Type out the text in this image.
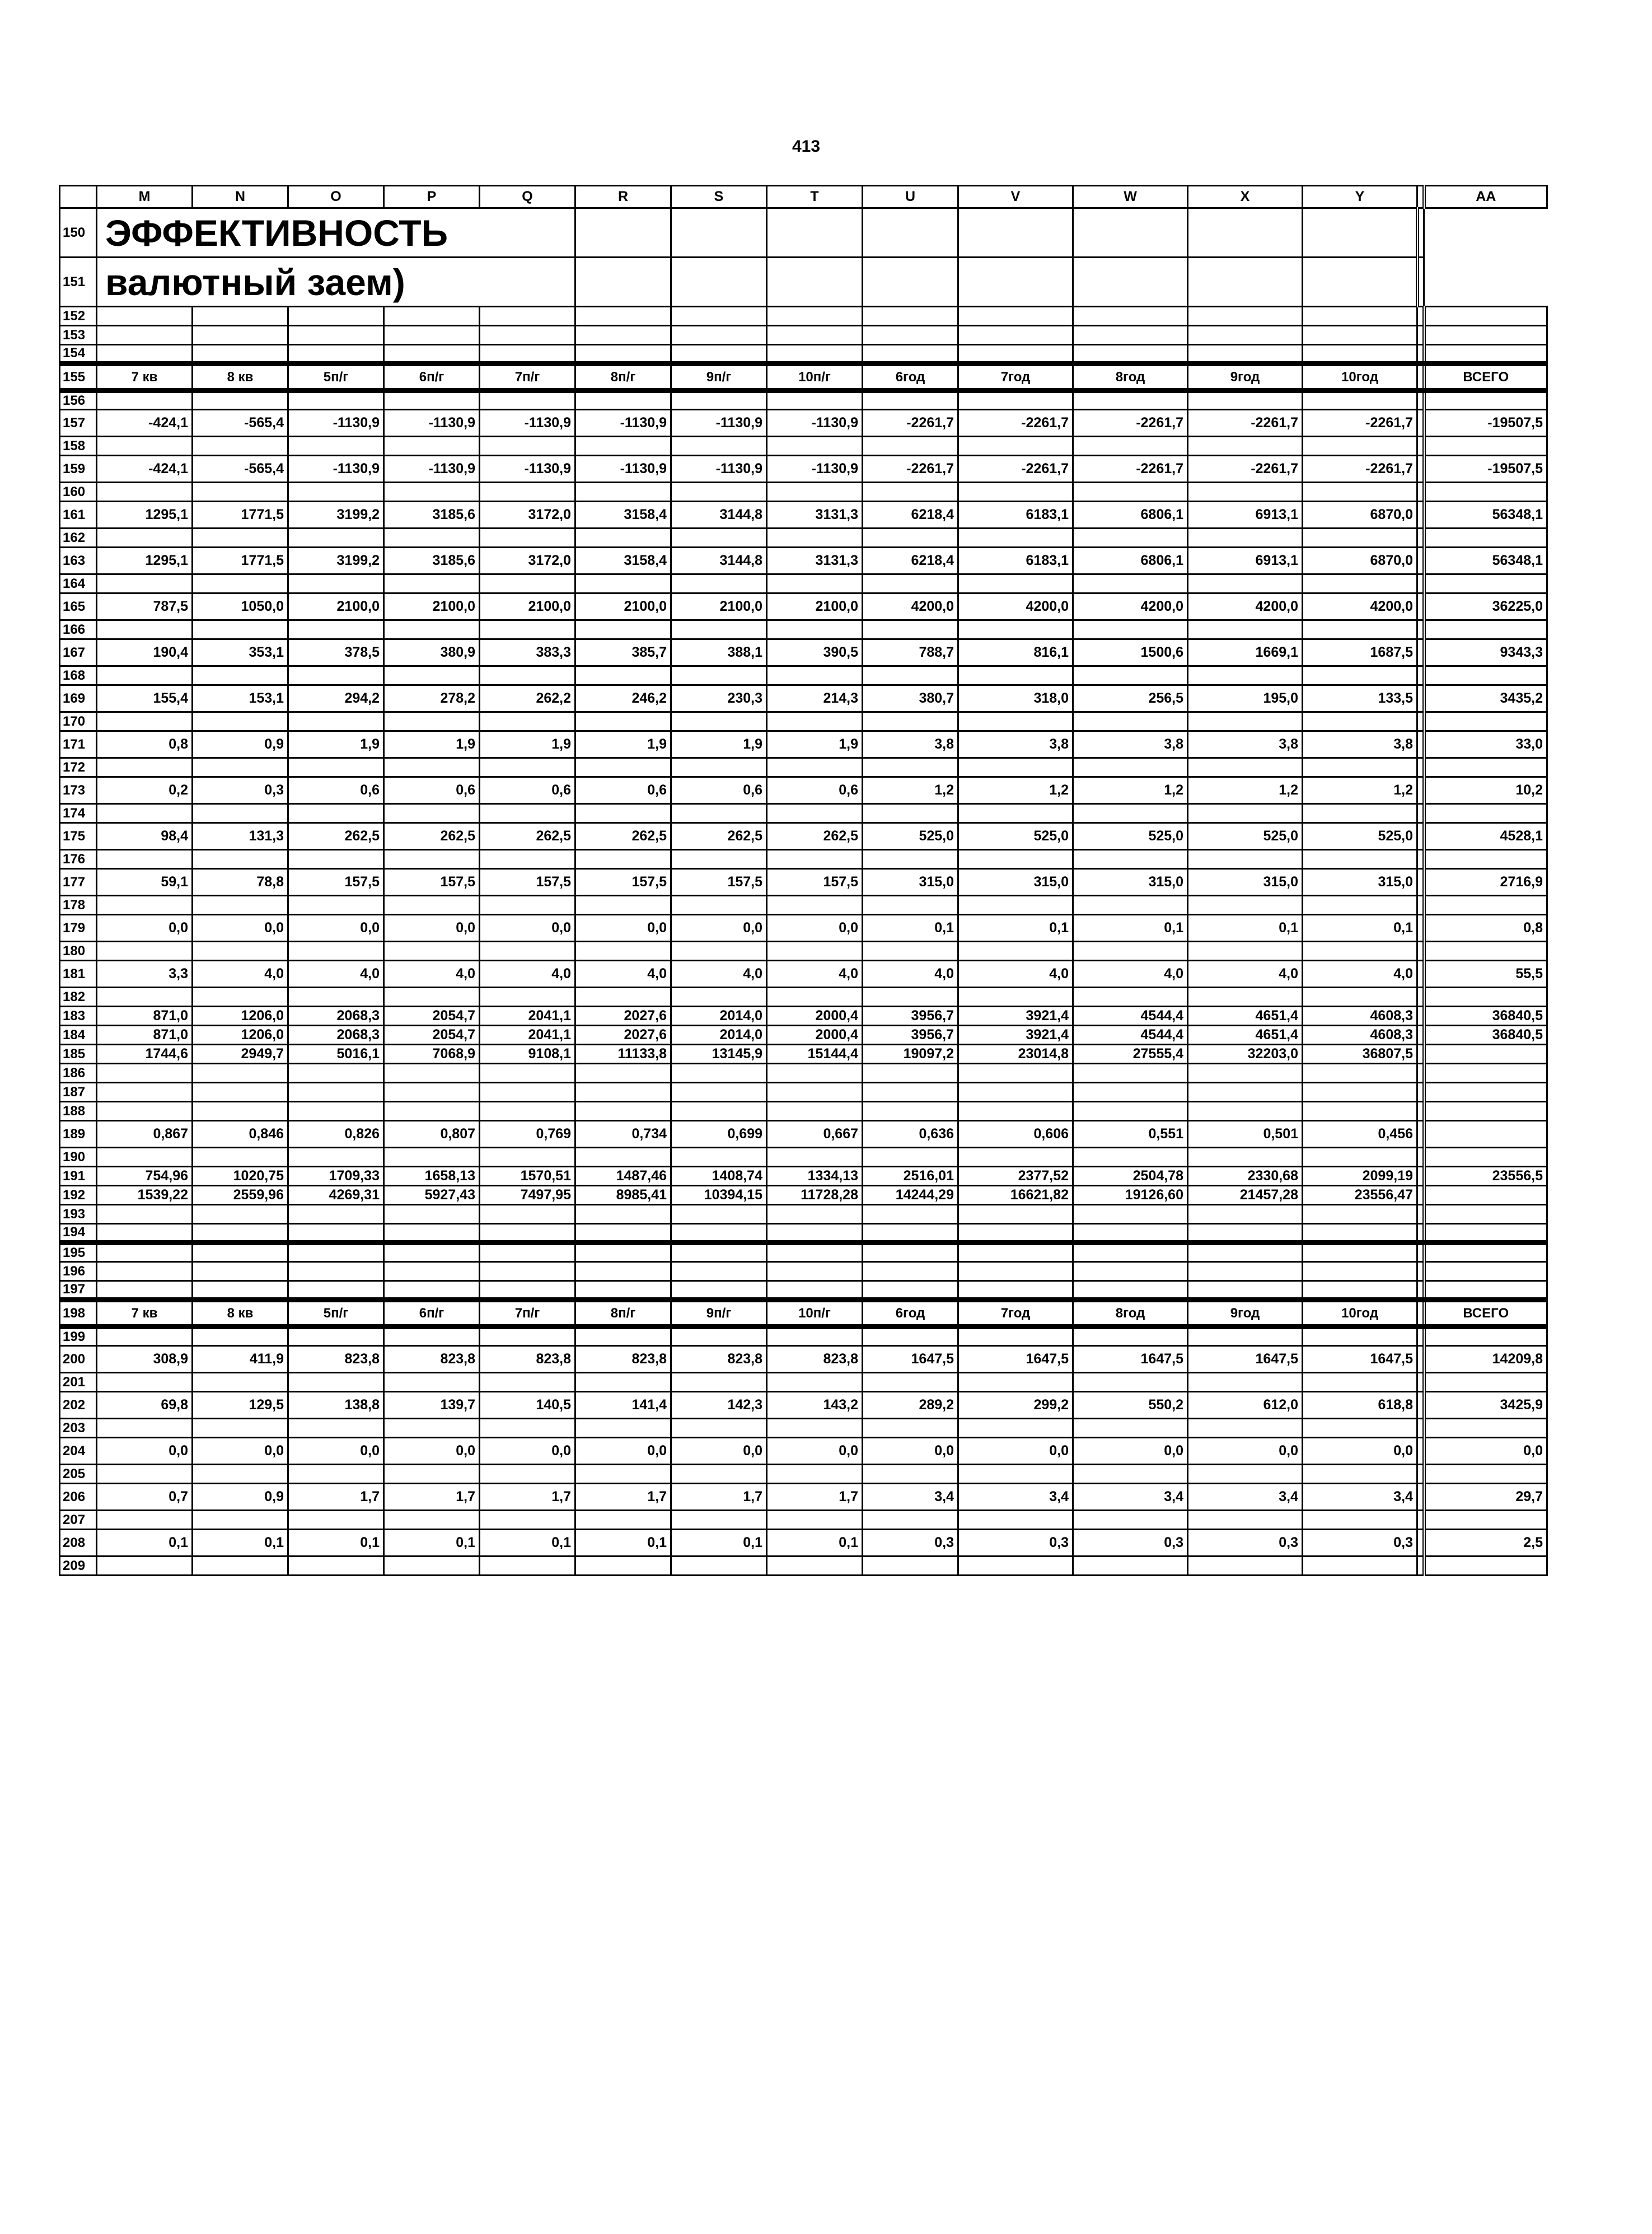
413
	M	N	O	P	Q	R	S	T	U	V	W	X	Y		AA
150	ЭФФЕКТИВНОСТЬ														
151	валютный заем)														
152															
153															
154															
155	7 кв	8 кв	5п/г	6п/г	7п/г	8п/г	9п/г	10п/г	6год	7год	8год	9год	10год		ВСЕГО
156															
157	-424,1	-565,4	-1130,9	-1130,9	-1130,9	-1130,9	-1130,9	-1130,9	-2261,7	-2261,7	-2261,7	-2261,7	-2261,7		-19507,5
158															
159	-424,1	-565,4	-1130,9	-1130,9	-1130,9	-1130,9	-1130,9	-1130,9	-2261,7	-2261,7	-2261,7	-2261,7	-2261,7		-19507,5
160															
161	1295,1	1771,5	3199,2	3185,6	3172,0	3158,4	3144,8	3131,3	6218,4	6183,1	6806,1	6913,1	6870,0		56348,1
162															
163	1295,1	1771,5	3199,2	3185,6	3172,0	3158,4	3144,8	3131,3	6218,4	6183,1	6806,1	6913,1	6870,0		56348,1
164															
165	787,5	1050,0	2100,0	2100,0	2100,0	2100,0	2100,0	2100,0	4200,0	4200,0	4200,0	4200,0	4200,0		36225,0
166															
167	190,4	353,1	378,5	380,9	383,3	385,7	388,1	390,5	788,7	816,1	1500,6	1669,1	1687,5		9343,3
168															
169	155,4	153,1	294,2	278,2	262,2	246,2	230,3	214,3	380,7	318,0	256,5	195,0	133,5		3435,2
170															
171	0,8	0,9	1,9	1,9	1,9	1,9	1,9	1,9	3,8	3,8	3,8	3,8	3,8		33,0
172															
173	0,2	0,3	0,6	0,6	0,6	0,6	0,6	0,6	1,2	1,2	1,2	1,2	1,2		10,2
174															
175	98,4	131,3	262,5	262,5	262,5	262,5	262,5	262,5	525,0	525,0	525,0	525,0	525,0		4528,1
176															
177	59,1	78,8	157,5	157,5	157,5	157,5	157,5	157,5	315,0	315,0	315,0	315,0	315,0		2716,9
178															
179	0,0	0,0	0,0	0,0	0,0	0,0	0,0	0,0	0,1	0,1	0,1	0,1	0,1		0,8
180															
181	3,3	4,0	4,0	4,0	4,0	4,0	4,0	4,0	4,0	4,0	4,0	4,0	4,0		55,5
182															
183	871,0	1206,0	2068,3	2054,7	2041,1	2027,6	2014,0	2000,4	3956,7	3921,4	4544,4	4651,4	4608,3		36840,5
184	871,0	1206,0	2068,3	2054,7	2041,1	2027,6	2014,0	2000,4	3956,7	3921,4	4544,4	4651,4	4608,3		36840,5
185	1744,6	2949,7	5016,1	7068,9	9108,1	11133,8	13145,9	15144,4	19097,2	23014,8	27555,4	32203,0	36807,5		
186															
187															
188															
189	0,867	0,846	0,826	0,807	0,769	0,734	0,699	0,667	0,636	0,606	0,551	0,501	0,456		
190															
191	754,96	1020,75	1709,33	1658,13	1570,51	1487,46	1408,74	1334,13	2516,01	2377,52	2504,78	2330,68	2099,19		23556,5
192	1539,22	2559,96	4269,31	5927,43	7497,95	8985,41	10394,15	11728,28	14244,29	16621,82	19126,60	21457,28	23556,47		
193															
194															
195															
196															
197															
198	7 кв	8 кв	5п/г	6п/г	7п/г	8п/г	9п/г	10п/г	6год	7год	8год	9год	10год		ВСЕГО
199															
200	308,9	411,9	823,8	823,8	823,8	823,8	823,8	823,8	1647,5	1647,5	1647,5	1647,5	1647,5		14209,8
201															
202	69,8	129,5	138,8	139,7	140,5	141,4	142,3	143,2	289,2	299,2	550,2	612,0	618,8		3425,9
203															
204	0,0	0,0	0,0	0,0	0,0	0,0	0,0	0,0	0,0	0,0	0,0	0,0	0,0		0,0
205															
206	0,7	0,9	1,7	1,7	1,7	1,7	1,7	1,7	3,4	3,4	3,4	3,4	3,4		29,7
207															
208	0,1	0,1	0,1	0,1	0,1	0,1	0,1	0,1	0,3	0,3	0,3	0,3	0,3		2,5
209															
